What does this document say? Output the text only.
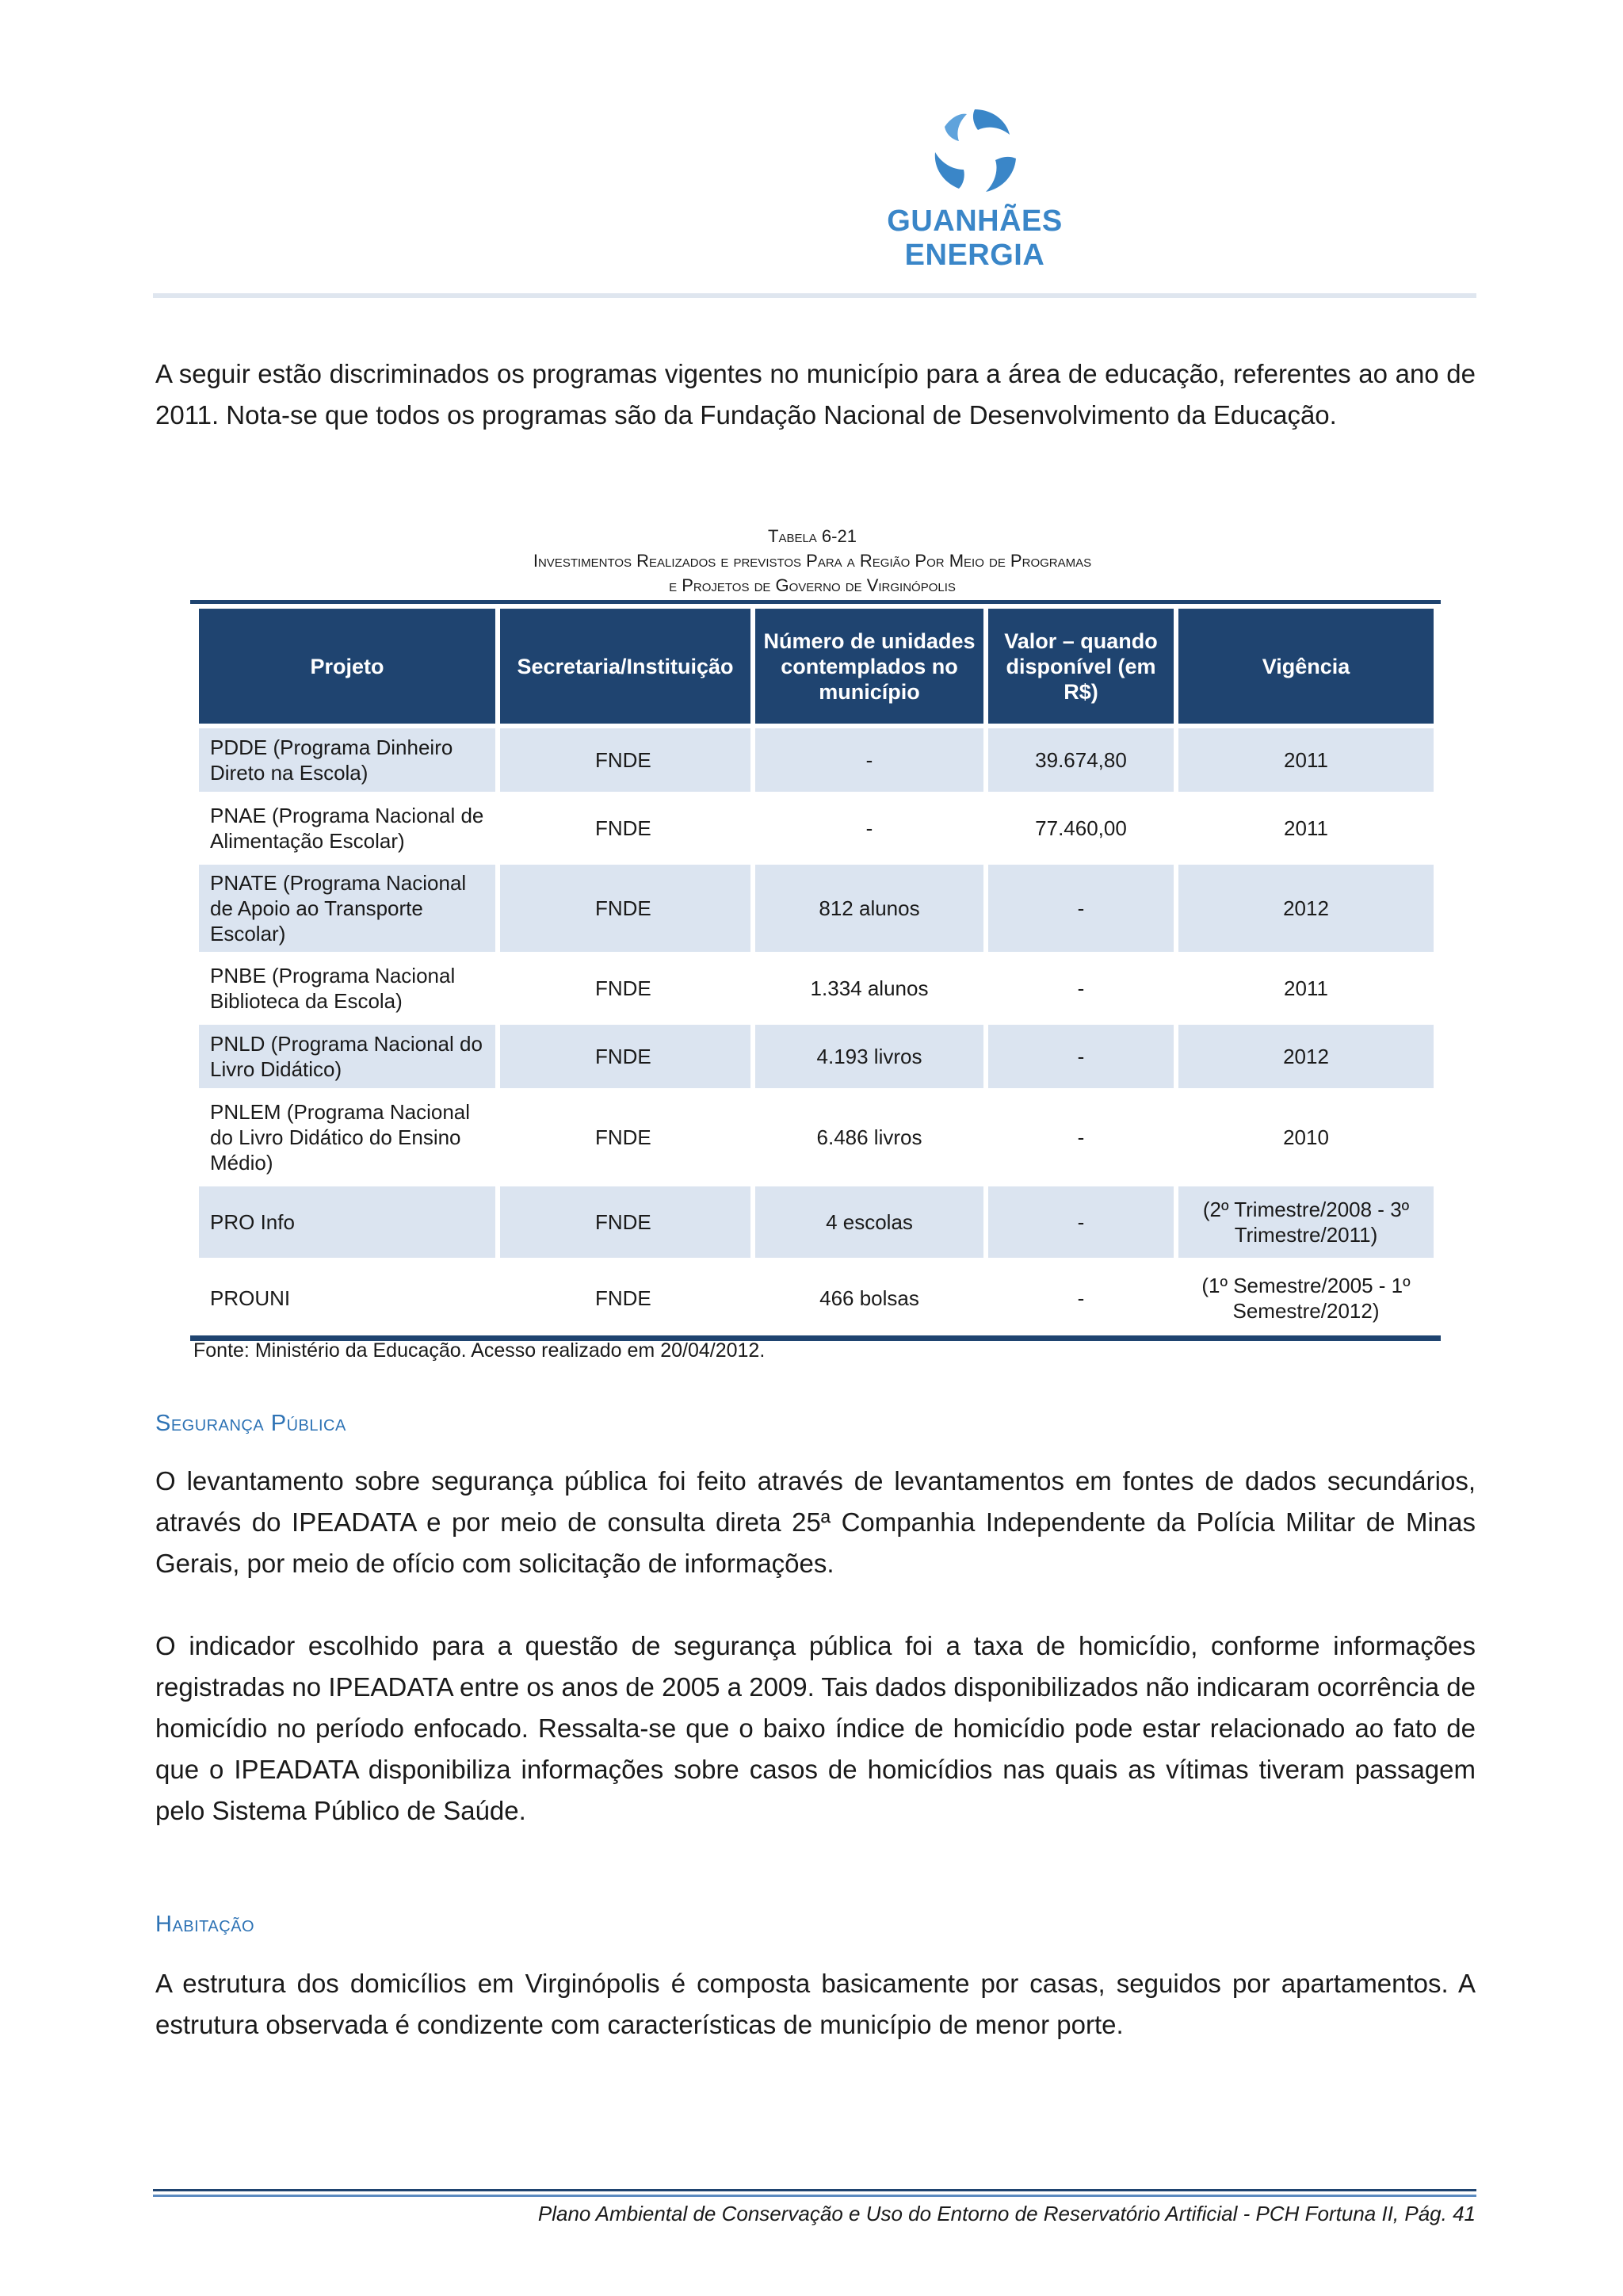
GUANHÃES ENERGIA

A seguir estão discriminados os programas vigentes no município para a área de educação, referentes ao ano de 2011. Nota-se que todos os programas são da Fundação Nacional de Desenvolvimento da Educação.

Tabela 6-21
Investimentos Realizados e previstos Para a Região Por Meio de Programas
e Projetos de Governo de Virginópolis
Projeto	Secretaria/Instituição	Número de unidades contemplados no município	Valor – quando disponível (em R$)	Vigência
PDDE (Programa Dinheiro Direto na Escola)	FNDE	-	39.674,80	2011
PNAE (Programa Nacional de Alimentação Escolar)	FNDE	-	77.460,00	2011
PNATE (Programa Nacional de Apoio ao Transporte Escolar)	FNDE	812 alunos	-	2012
PNBE (Programa Nacional Biblioteca da Escola)	FNDE	1.334 alunos	-	2011
PNLD (Programa Nacional do Livro Didático)	FNDE	4.193 livros	-	2012
PNLEM (Programa Nacional do Livro Didático do Ensino Médio)	FNDE	6.486 livros	-	2010
PRO Info	FNDE	4 escolas	-	(2º Trimestre/2008 - 3º Trimestre/2011)
PROUNI	FNDE	466 bolsas	-	(1º Semestre/2005 - 1º Semestre/2012)
Fonte: Ministério da Educação. Acesso realizado em 20/04/2012.
Segurança Pública

O levantamento sobre segurança pública foi feito através de levantamentos em fontes de dados secundários, através do IPEADATA e por meio de consulta direta 25ª Companhia Independente da Polícia Militar de Minas Gerais, por meio de ofício com solicitação de informações.

O indicador escolhido para a questão de segurança pública foi a taxa de homicídio, conforme informações registradas no IPEADATA entre os anos de 2005 a 2009. Tais dados disponibilizados não indicaram ocorrência de homicídio no período enfocado. Ressalta-se que o baixo índice de homicídio pode estar relacionado ao fato de que o IPEADATA disponibiliza informações sobre casos de homicídios nas quais as vítimas tiveram passagem pelo Sistema Público de Saúde.

Habitação

A estrutura dos domicílios em Virginópolis é composta basicamente por casas, seguidos por apartamentos. A estrutura observada é condizente com características de município de menor porte.

Plano Ambiental de Conservação e Uso do Entorno de Reservatório Artificial - PCH Fortuna II, Pág. 41
